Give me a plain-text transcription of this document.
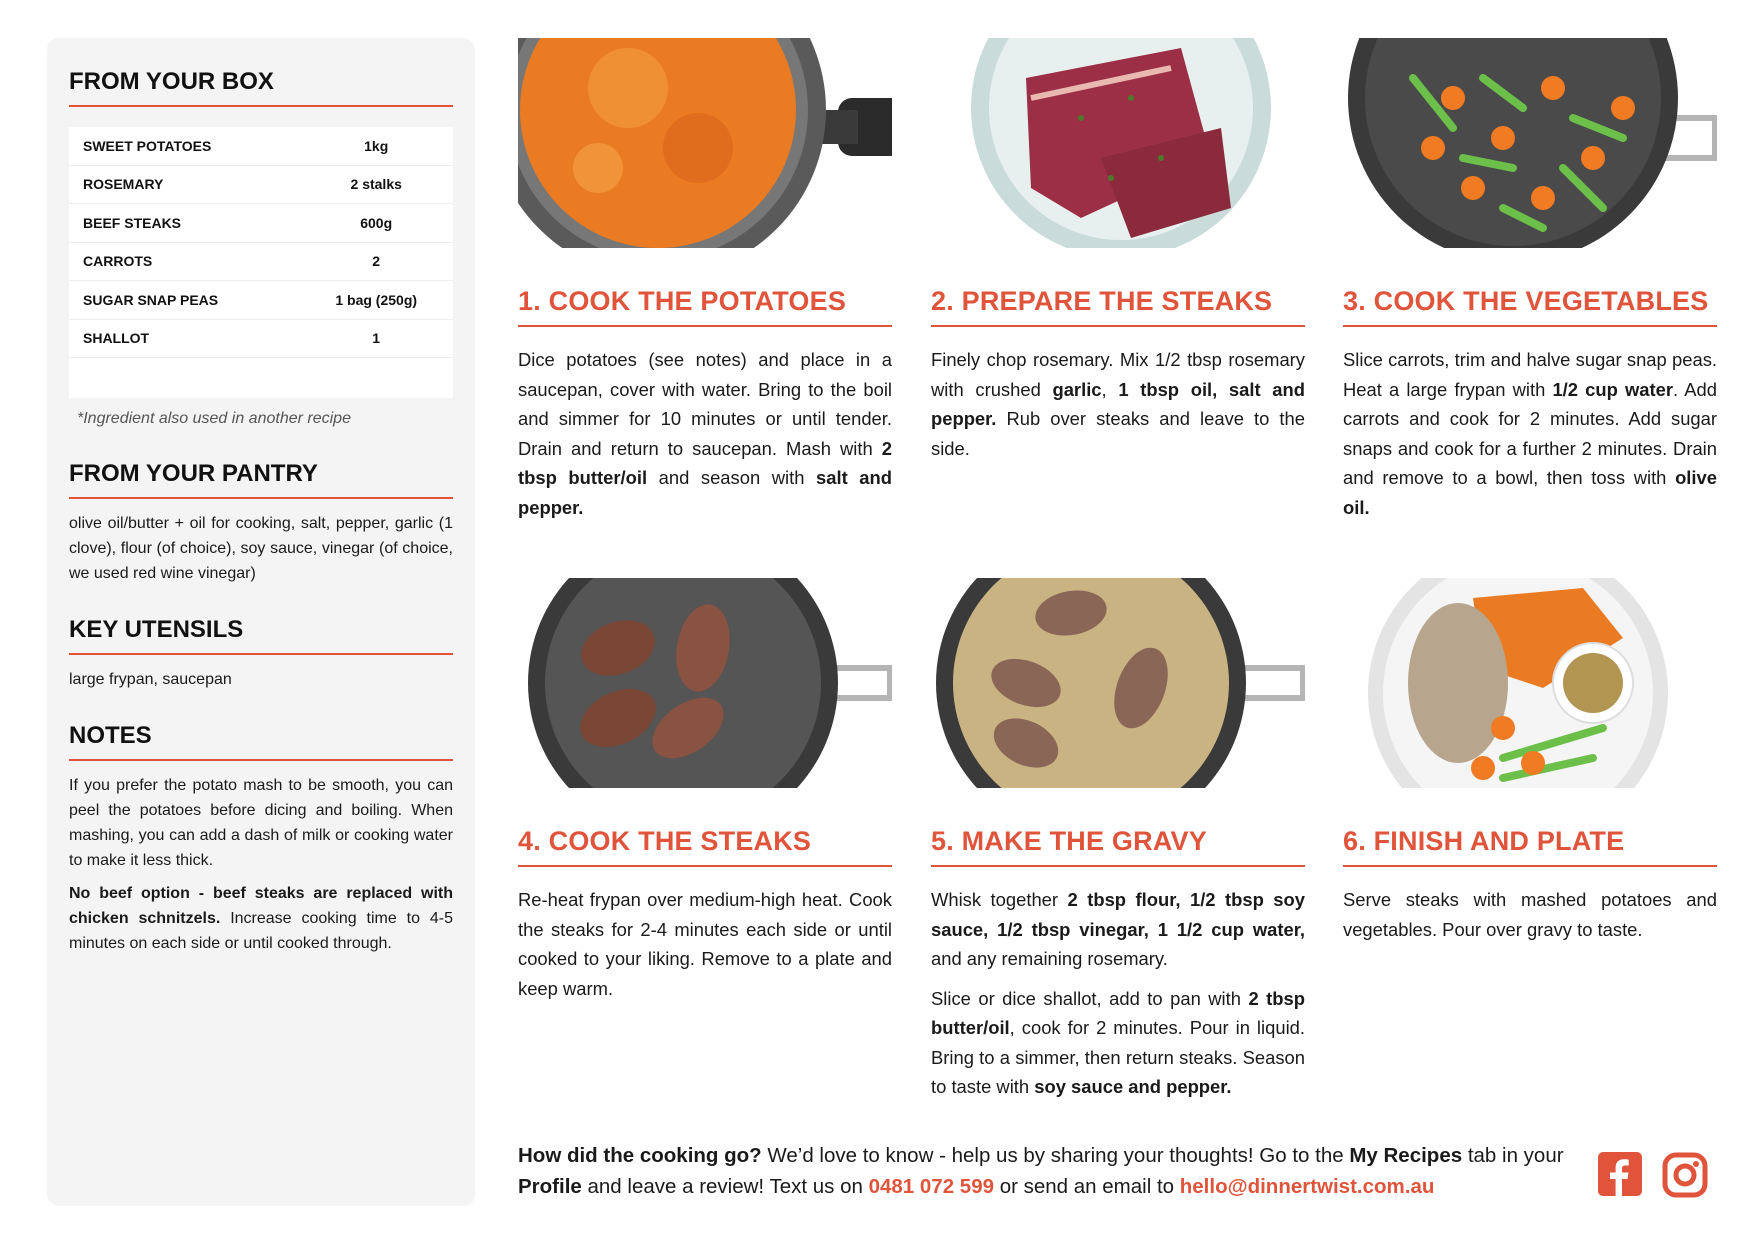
FROM YOUR BOX
SWEET POTATOES	1kg
ROSEMARY	2 stalks
BEEF STEAKS	600g
CARROTS	2
SUGAR SNAP PEAS	1 bag (250g)
SHALLOT	1

*Ingredient also used in another recipe
FROM YOUR PANTRY

olive oil/butter + oil for cooking, salt, pepper, garlic (1 clove), flour (of choice), soy sauce, vinegar (of choice, we used red wine vinegar)

KEY UTENSILS

large frypan, saucepan

NOTES

If you prefer the potato mash to be smooth, you can peel the potatoes before dicing and boiling. When mashing, you can add a dash of milk or cooking water to make it less thick.

No beef option - beef steaks are replaced with chicken schnitzels. Increase cooking time to 4-5 minutes on each side or until cooked through.

1. COOK THE POTATOES

Dice potatoes (see notes) and place in a saucepan, cover with water. Bring to the boil and simmer for 10 minutes or until tender. Drain and return to saucepan. Mash with 2 tbsp butter/oil and season with salt and pepper.

2. PREPARE THE STEAKS

Finely chop rosemary. Mix 1/2 tbsp rosemary with crushed garlic, 1 tbsp oil, salt and pepper. Rub over steaks and leave to the side.

3. COOK THE VEGETABLES

Slice carrots, trim and halve sugar snap peas. Heat a large frypan with 1/2 cup water. Add carrots and cook for 2 minutes. Add sugar snaps and cook for a further 2 minutes. Drain and remove to a bowl, then toss with olive oil.

4. COOK THE STEAKS

Re-heat frypan over medium-high heat. Cook the steaks for 2-4 minutes each side or until cooked to your liking. Remove to a plate and keep warm.

5. MAKE THE GRAVY

Whisk together 2 tbsp flour, 1/2 tbsp soy sauce, 1/2 tbsp vinegar, 1 1/2 cup water, and any remaining rosemary.

Slice or dice shallot, add to pan with 2 tbsp butter/oil, cook for 2 minutes. Pour in liquid. Bring to a simmer, then return steaks. Season to taste with soy sauce and pepper.

6. FINISH AND PLATE

Serve steaks with mashed potatoes and vegetables. Pour over gravy to taste.

How did the cooking go? We’d love to know - help us by sharing your thoughts! Go to the My Recipes tab in your Profile and leave a review! Text us on 0481 072 599 or send an email to hello@dinnertwist.com.au
